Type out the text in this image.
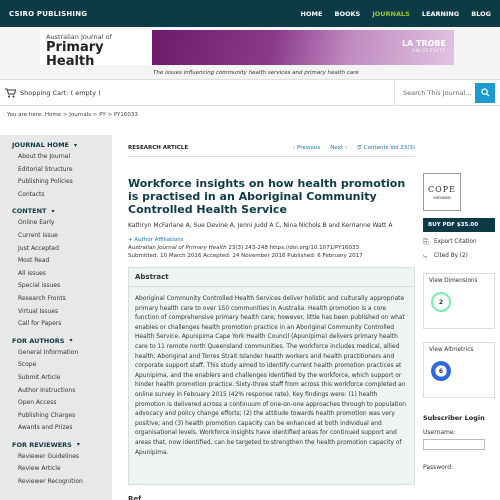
CSIRO PUBLISHING	HOME BOOKS JOURNALS LEARNING BLOG
Australian Journal of
Primary Health
LA TROBE
UNIVERSITY
The issues influencing community health services and primary health care
Shopping Cart: ( empty )	Search This Journal...
You are here: Home > Journals > PY > PY16033
JOURNAL HOME ▾
About the Journal
Editorial Structure
Publishing Policies
Contacts
CONTENT ▾
Online Early
Current issue
Just Accepted
Most Read
All issues
Special issues
Research Fronts
Virtual Issues
Call for Papers
FOR AUTHORS ▾
General Information
Scope
Submit Article
Author Instructions
Open Access
Publishing Charges
Awards and Prizes
FOR REVIEWERS ▾
Reviewer Guidelines
Review Article
Reviewer Recognition
RESEARCH ARTICLE	‹ Previous Next › ☰ Contents Vol 23(3)
Workforce insights on how health promotion is practised in an Aboriginal Community Controlled Health Service
Kathryn McFarlane A, Sue Devine A, Jenni Judd A C, Nina Nichols B and Kerrianne Watt A
+ Author Affiliations
Australian Journal of Primary Health 23(3) 243-248 https://doi.org/10.1071/PY16033
Submitted: 10 March 2016 Accepted: 24 November 2016 Published: 6 February 2017
Abstract
Aboriginal Community Controlled Health Services deliver holistic and culturally appropriate primary health care to over 150 communities in Australia. Health promotion is a core function of comprehensive primary health care; however, little has been published on what enables or challenges health promotion practice in an Aboriginal Community Controlled Health Service. Apunipima Cape York Health Council (Apunipima) delivers primary health care to 11 remote north Queensland communities. The workforce includes medical, allied health, Aboriginal and Torres Strait Islander health workers and health practitioners and corporate support staff. This study aimed to identify current health promotion practices at Apunipima, and the enablers and challenges identified by the workforce, which support or hinder health promotion practice. Sixty-three staff from across this workforce completed an online survey in February 2015 (42% response rate). Key findings were: (1) health promotion is delivered across a continuum of one-on-one approaches through to population advocacy and policy change efforts; (2) the attitude towards health promotion was very positive; and (3) health promotion capacity can be enhanced at both individual and organisational levels. Workforce insights have identified areas for continued support and areas that, now identified, can be targeted to strengthen the health promotion capacity of Apunipima.
Ref
COPE
MEMBER
BUY PDF $35.00
⎘ Export Citation
⤷	Cited By (2)
View Dimensions
2
View Altmetrics
6
Subscriber Login
Username:
Password:
